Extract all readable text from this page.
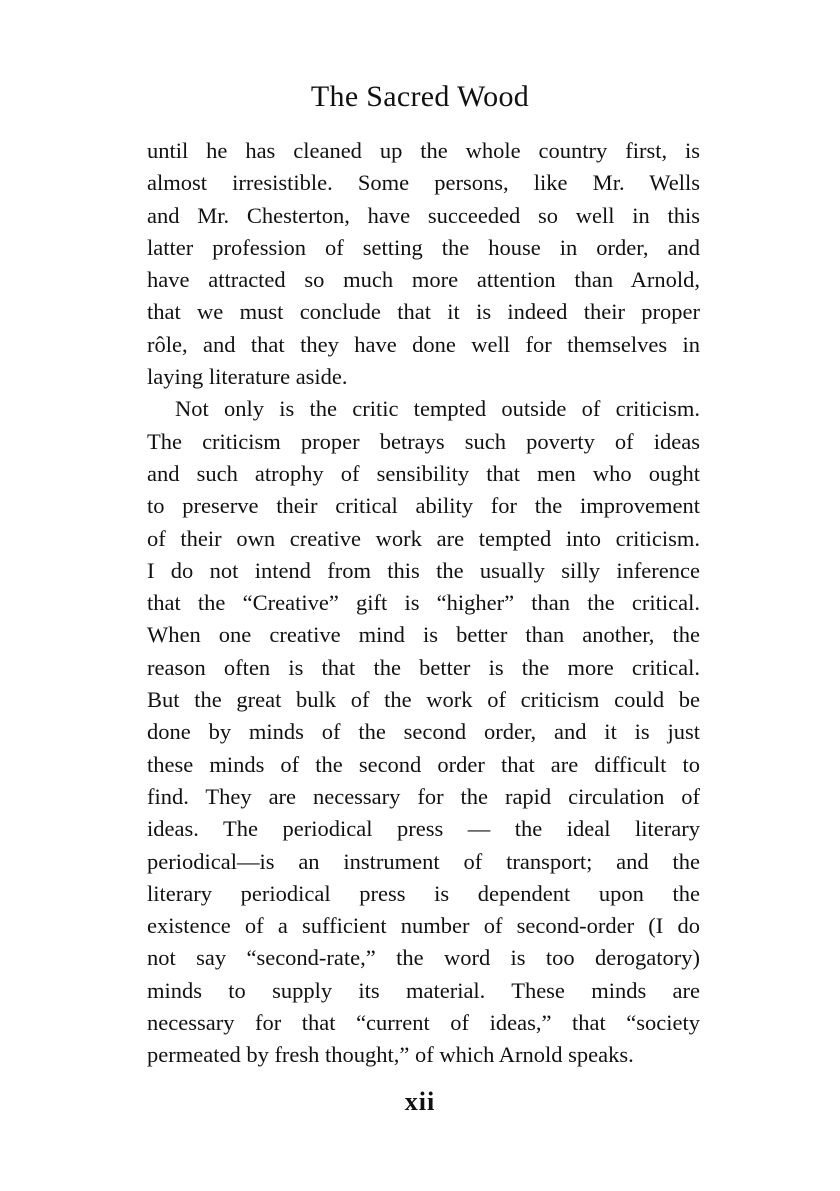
The Sacred Wood
until he has cleaned up the whole country first, is
almost irresistible. Some persons, like Mr. Wells
and Mr. Chesterton, have succeeded so well in this
latter profession of setting the house in order, and
have attracted so much more attention than Arnold,
that we must conclude that it is indeed their proper
rôle, and that they have done well for themselves in
laying literature aside.
Not only is the critic tempted outside of criticism.
The criticism proper betrays such poverty of ideas
and such atrophy of sensibility that men who ought
to preserve their critical ability for the improvement
of their own creative work are tempted into criticism.
I do not intend from this the usually silly inference
that the “Creative” gift is “higher” than the critical.
When one creative mind is better than another, the
reason often is that the better is the more critical.
But the great bulk of the work of criticism could be
done by minds of the second order, and it is just
these minds of the second order that are difficult to
find. They are necessary for the rapid circulation of
ideas. The periodical press — the ideal literary
periodical—is an instrument of transport; and the
literary periodical press is dependent upon the
existence of a sufficient number of second-order (I do
not say “second-rate,” the word is too derogatory)
minds to supply its material. These minds are
necessary for that “current of ideas,” that “society
permeated by fresh thought,” of which Arnold speaks.
xii
